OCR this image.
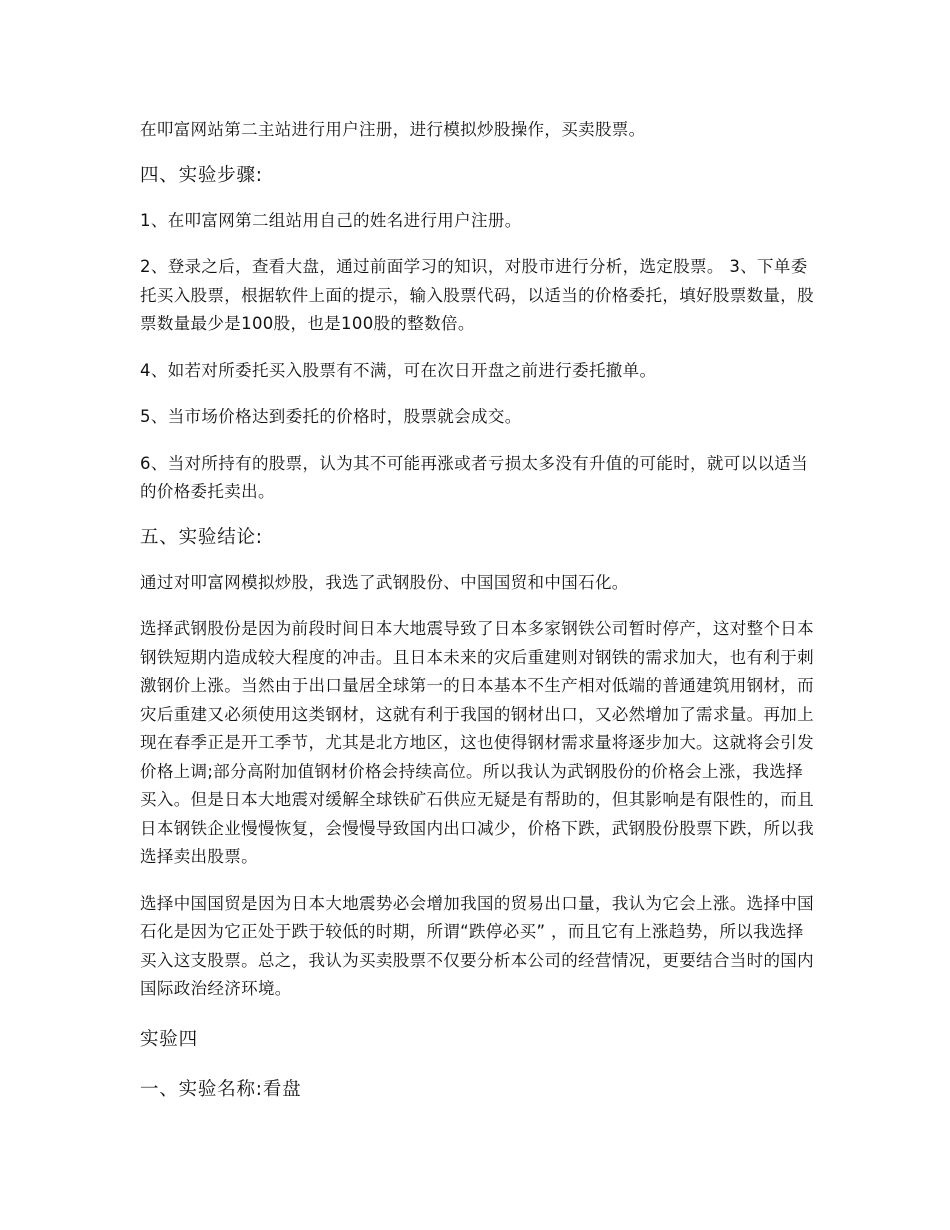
在叩富网站第二主站进行用户注册，进行模拟炒股操作，买卖股票。

四、实验步骤:

1、在叩富网第二组站用自己的姓名进行用户注册。

2、登录之后，查看大盘，通过前面学习的知识，对股市进行分析，选定股票。 3、下单委托买入股票，根据软件上面的提示，输入股票代码，以适当的价格委托，填好股票数量，股票数量最少是100股，也是100股的整数倍。

4、如若对所委托买入股票有不满，可在次日开盘之前进行委托撤单。

5、当市场价格达到委托的价格时，股票就会成交。

6、当对所持有的股票，认为其不可能再涨或者亏损太多没有升值的可能时，就可以以适当的价格委托卖出。

五、实验结论:

通过对叩富网模拟炒股，我选了武钢股份、中国国贸和中国石化。

选择武钢股份是因为前段时间日本大地震导致了日本多家钢铁公司暂时停产，这对整个日本钢铁短期内造成较大程度的冲击。且日本未来的灾后重建则对钢铁的需求加大，也有利于刺激钢价上涨。当然由于出口量居全球第一的日本基本不生产相对低端的普通建筑用钢材，而灾后重建又必须使用这类钢材，这就有利于我国的钢材出口，又必然增加了需求量。再加上现在春季正是开工季节，尤其是北方地区，这也使得钢材需求量将逐步加大。这就将会引发价格上调;部分高附加值钢材价格会持续高位。所以我认为武钢股份的价格会上涨，我选择买入。但是日本大地震对缓解全球铁矿石供应无疑是有帮助的，但其影响是有限性的，而且日本钢铁企业慢慢恢复，会慢慢导致国内出口减少，价格下跌，武钢股份股票下跌，所以我选择卖出股票。

选择中国国贸是因为日本大地震势必会增加我国的贸易出口量，我认为它会上涨。选择中国石化是因为它正处于跌于较低的时期，所谓“跌停必买” ，而且它有上涨趋势，所以我选择买入这支股票。总之，我认为买卖股票不仅要分析本公司的经营情况，更要结合当时的国内国际政治经济环境。

实验四

一、实验名称:看盘
